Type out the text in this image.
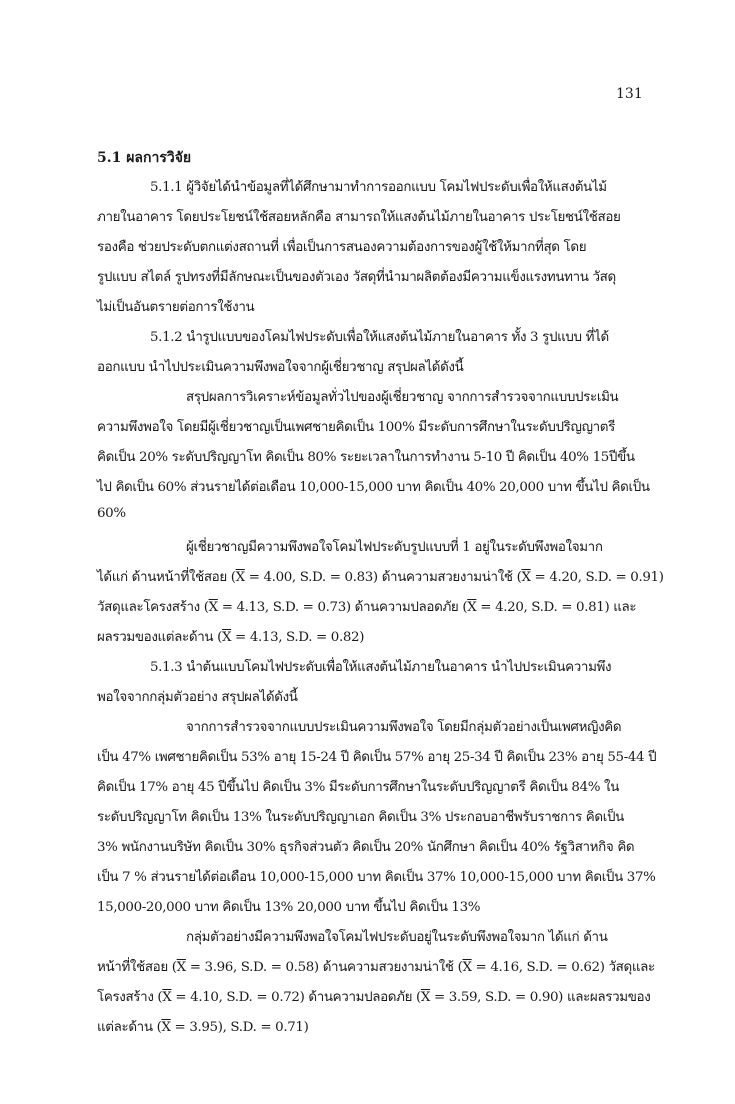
131
5.1 ผลการวิจัย
5.1.1 ผู้วิจัยได้นำข้อมูลที่ได้ศึกษามาทำการออกแบบ โคมไฟประดับเพื่อให้แสงต้นไม้
ภายในอาคาร โดยประโยชน์ใช้สอยหลักคือ สามารถให้แสงต้นไม้ภายในอาคาร ประโยชน์ใช้สอย
รองคือ ช่วยประดับตกแต่งสถานที่ เพื่อเป็นการสนองความต้องการของผู้ใช้ให้มากที่สุด โดย
รูปแบบ สไตล์ รูปทรงที่มีลักษณะเป็นของตัวเอง วัสดุที่นำมาผลิตต้องมีความแข็งแรงทนทาน วัสดุ
ไม่เป็นอันตรายต่อการใช้งาน
5.1.2 นำรูปแบบของโคมไฟประดับเพื่อให้แสงต้นไม้ภายในอาคาร ทั้ง 3 รูปแบบ ที่ได้
ออกแบบ นำไปประเมินความพึงพอใจจากผู้เชี่ยวชาญ สรุปผลได้ดังนี้
สรุปผลการวิเคราะห์ข้อมูลทั่วไปของผู้เชี่ยวชาญ จากการสำรวจจากแบบประเมิน
ความพึงพอใจ โดยมีผู้เชี่ยวชาญเป็นเพศชายคิดเป็น 100% มีระดับการศึกษาในระดับปริญญาตรี
คิดเป็น 20% ระดับปริญญาโท คิดเป็น 80% ระยะเวลาในการทำงาน 5-10 ปี คิดเป็น 40% 15ปีขึ้น
ไป คิดเป็น 60% ส่วนรายได้ต่อเดือน 10,000-15,000 บาท คิดเป็น 40% 20,000 บาท ขึ้นไป คิดเป็น
60%
ผู้เชี่ยวชาญมีความพึงพอใจโคมไฟประดับรูปแบบที่ 1 อยู่ในระดับพึงพอใจมาก
ได้แก่ ด้านหน้าที่ใช้สอย ($\overline{X} = 4.00$, S.D. = 0.83) ด้านความสวยงามน่าใช้ ($\overline{X} = 4.20$, S.D. = 0.91)
วัสดุและโครงสร้าง ($\overline{X} = 4.13$, S.D. = 0.73) ด้านความปลอดภัย ($\overline{X} = 4.20$, S.D. = 0.81) และ
ผลรวมของแต่ละด้าน ($\overline{X} = 4.13$, S.D. = 0.82)
5.1.3 นำต้นแบบโคมไฟประดับเพื่อให้แสงต้นไม้ภายในอาคาร นำไปประเมินความพึง
พอใจจากกลุ่มตัวอย่าง สรุปผลได้ดังนี้
จากการสำรวจจากแบบประเมินความพึงพอใจ โดยมีกลุ่มตัวอย่างเป็นเพศหญิงคิด
เป็น 47% เพศชายคิดเป็น 53% อายุ 15-24 ปี คิดเป็น 57% อายุ 25-34 ปี คิดเป็น 23% อายุ 55-44 ปี
คิดเป็น 17% อายุ 45 ปีขึ้นไป คิดเป็น 3% มีระดับการศึกษาในระดับปริญญาตรี คิดเป็น 84% ใน
ระดับปริญญาโท คิดเป็น 13% ในระดับปริญญาเอก คิดเป็น 3% ประกอบอาชีพรับราชการ คิดเป็น
3% พนักงานบริษัท คิดเป็น 30% ธุรกิจส่วนตัว คิดเป็น 20% นักศึกษา คิดเป็น 40% รัฐวิสาหกิจ คิด
เป็น 7 % ส่วนรายได้ต่อเดือน 10,000-15,000 บาท คิดเป็น 37% 10,000-15,000 บาท คิดเป็น 37%
15,000-20,000 บาท คิดเป็น 13% 20,000 บาท ขึ้นไป คิดเป็น 13%
กลุ่มตัวอย่างมีความพึงพอใจโคมไฟประดับอยู่ในระดับพึงพอใจมาก ได้แก่ ด้าน
หน้าที่ใช้สอย ($\overline{X} = 3.96$, S.D. = 0.58) ด้านความสวยงามน่าใช้ ($\overline{X} = 4.16$, S.D. = 0.62) วัสดุและ
โครงสร้าง ($\overline{X} = 4.10$, S.D. = 0.72) ด้านความปลอดภัย ($\overline{X} = 3.59$, S.D. = 0.90) และผลรวมของ
แต่ละด้าน $(\overline{X} = 3.95)$, S.D. = 0.71)
